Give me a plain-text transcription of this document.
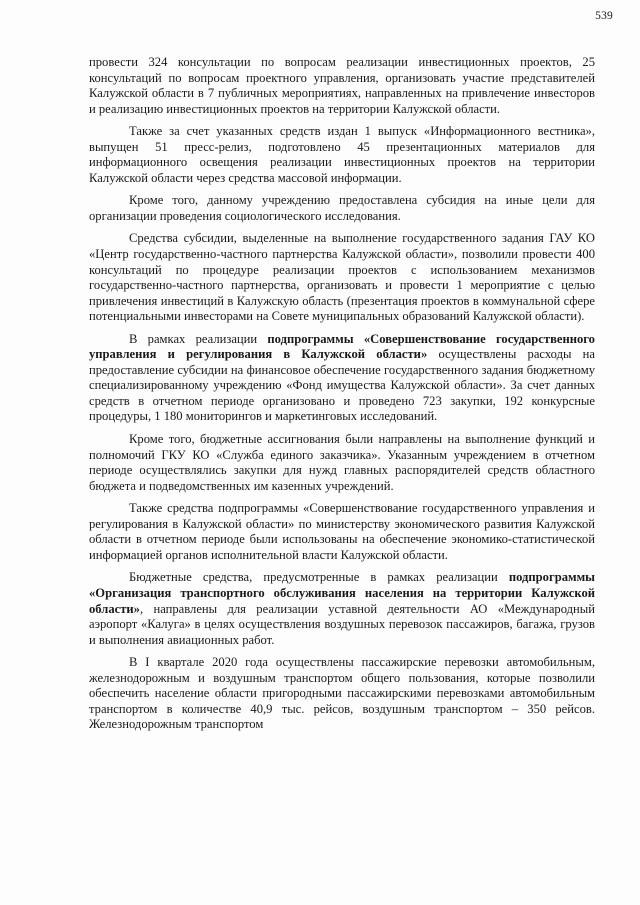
539

провести 324 консультации по вопросам реализации инвестиционных проектов, 25 консультаций по вопросам проектного управления, организовать участие представителей Калужской области в 7 публичных мероприятиях, направленных на привлечение инвесторов и реализацию инвестиционных проектов на территории Калужской области.

Также за счет указанных средств издан 1 выпуск «Информационного вестника», выпущен 51 пресс-релиз, подготовлено 45 презентационных материалов для информационного освещения реализации инвестиционных проектов на территории Калужской области через средства массовой информации.

Кроме того, данному учреждению предоставлена субсидия на иные цели для организации проведения социологического исследования.

Средства субсидии, выделенные на выполнение государственного задания ГАУ КО «Центр государственно-частного партнерства Калужской области», позволили провести 400 консультаций по процедуре реализации проектов с использованием механизмов государственно-частного партнерства, организовать и провести 1 мероприятие с целью привлечения инвестиций в Калужскую область (презентация проектов в коммунальной сфере потенциальными инвесторами на Совете муниципальных образований Калужской области).

В рамках реализации подпрограммы «Совершенствование государственного управления и регулирования в Калужской области» осуществлены расходы на предоставление субсидии на финансовое обеспечение государственного задания бюджетному специализированному учреждению «Фонд имущества Калужской области». За счет данных средств в отчетном периоде организовано и проведено 723 закупки, 192 конкурсные процедуры, 1 180 мониторингов и маркетинговых исследований.

Кроме того, бюджетные ассигнования были направлены на выполнение функций и полномочий ГКУ КО «Служба единого заказчика». Указанным учреждением в отчетном периоде осуществлялись закупки для нужд главных распорядителей средств областного бюджета и подведомственных им казенных учреждений.

Также средства подпрограммы «Совершенствование государственного управления и регулирования в Калужской области» по министерству экономического развития Калужской области в отчетном периоде были использованы на обеспечение экономико-статистической информацией органов исполнительной власти Калужской области.

Бюджетные средства, предусмотренные в рамках реализации подпрограммы «Организация транспортного обслуживания населения на территории Калужской области», направлены для реализации уставной деятельности АО «Международный аэропорт «Калуга» в целях осуществления воздушных перевозок пассажиров, багажа, грузов и выполнения авиационных работ.

В I квартале 2020 года осуществлены пассажирские перевозки автомобильным, железнодорожным и воздушным транспортом общего пользования, которые позволили обеспечить население области пригородными пассажирскими перевозками автомобильным транспортом в количестве 40,9 тыс. рейсов, воздушным транспортом – 350 рейсов. Железнодорожным транспортом
